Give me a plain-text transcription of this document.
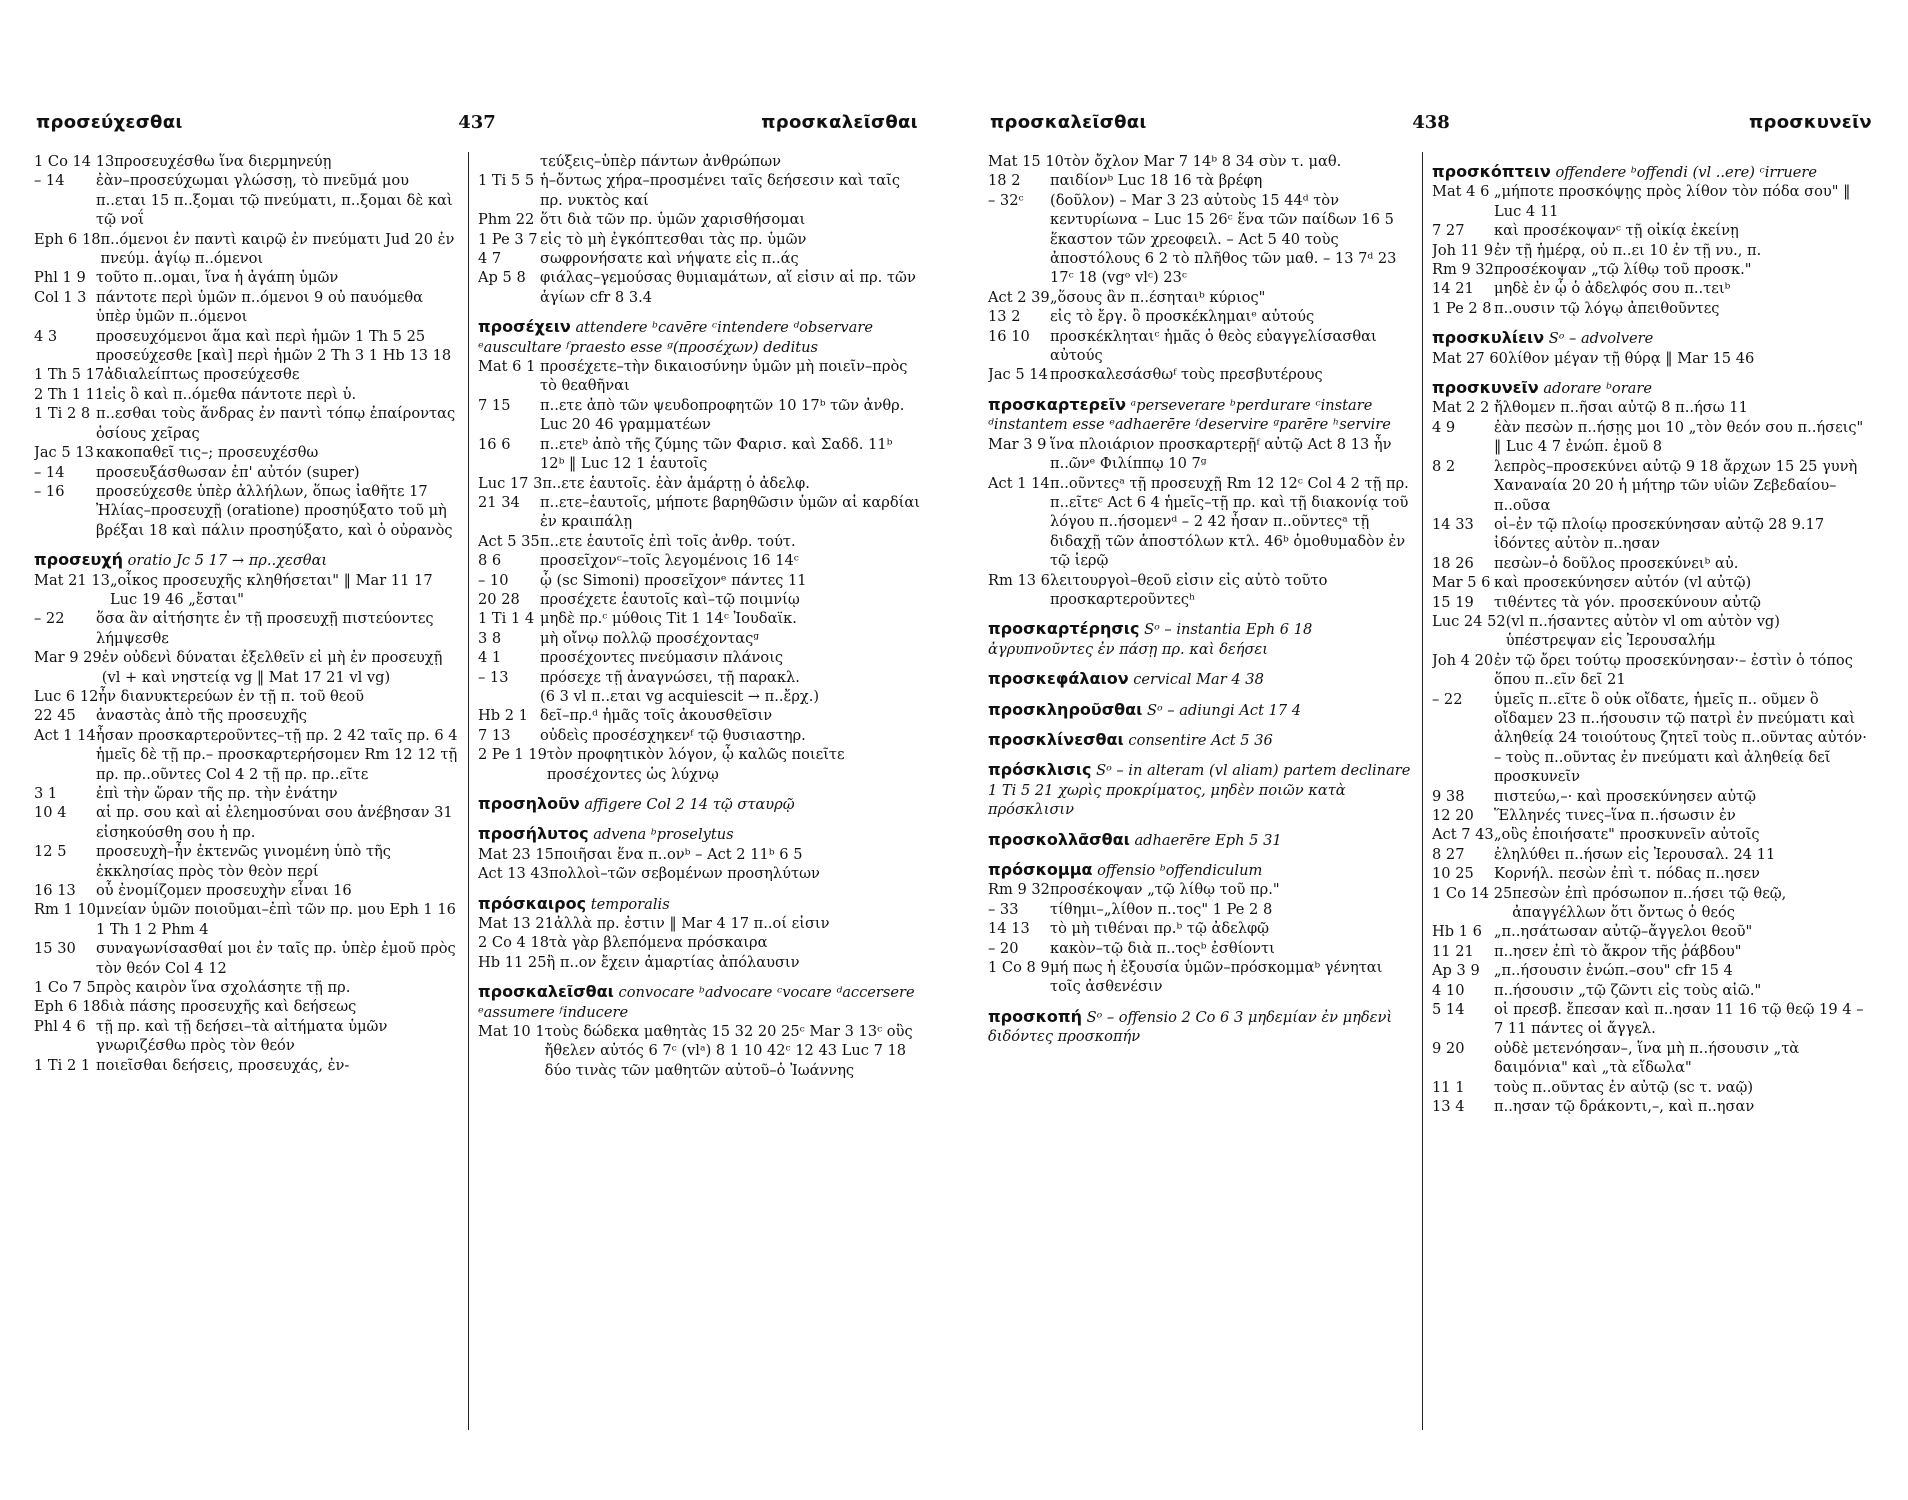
προσεύχεσθαι	437	προσκαλεῖσθαι
1 Co 14 13 προσευχέσθω ἵνα διερμηνεύῃ
– 14	ἐὰν–προσεύχωμαι γλώσσῃ, τὸ πνεῦμά μου π..εται 15 π..ξομαι τῷ πνεύματι, π..ξομαι δὲ καὶ τῷ νοΐ
Eph 6 18 π..όμενοι ἐν παντὶ καιρῷ ἐν πνεύματι Jud 20 ἐν πνεύμ. ἁγίῳ π..όμενοι
Phl 1 9 τοῦτο π..ομαι, ἵνα ἡ ἀγάπη ὑμῶν
Col 1 3 πάντοτε περὶ ὑμῶν π..όμενοι 9 οὐ παυόμεθα ὑπὲρ ὑμῶν π..όμενοι
4 3	προσευχόμενοι ἅμα καὶ περὶ ἡμῶν 1 Th 5 25 προσεύχεσθε [καὶ] περὶ ἡμῶν 2 Th 3 1 Hb 13 18
1 Th 5 17 ἀδιαλείπτως προσεύχεσθε
2 Th 1 11 εἰς ὃ καὶ π..όμεθα πάντοτε περὶ ὑ.
1 Ti 2 8 π..εσθαι τοὺς ἄνδρας ἐν παντὶ τόπῳ ἐπαίροντας ὁσίους χεῖρας
Jac 5 13 κακοπαθεῖ τις–; προσευχέσθω
– 14	προσευξάσθωσαν ἐπ' αὐτόν (super)
– 16	προσεύχεσθε ὑπὲρ ἀλλήλων, ὅπως ἰαθῆτε 17 Ἠλίας–προσευχῇ (oratione) προσηύξατο τοῦ μὴ βρέξαι 18 καὶ πάλιν προσηύξατο, καὶ ὁ οὐρανὸς
προσευχή oratio Jc 5 17 → πρ..χεσθαι
Mat 21 13 „οἶκος προσευχῆς κληθήσεται" ‖ Mar 11 17 Luc 19 46 „ἔσται"
– 22	ὅσα ἂν αἰτήσητε ἐν τῇ προσευχῇ πιστεύοντες λήμψεσθε
Mar 9 29 ἐν οὐδενὶ δύναται ἐξελθεῖν εἰ μὴ ἐν προσευχῇ (vl + καὶ νηστείᾳ vg ‖ Mat 17 21 vl vg)
Luc 6 12 ἦν διανυκτερεύων ἐν τῇ π. τοῦ θεοῦ
22 45	ἀναστὰς ἀπὸ τῆς προσευχῆς
Act 1 14 ἦσαν προσκαρτεροῦντες–τῇ πρ. 2 42 ταῖς πρ. 6 4 ἡμεῖς δὲ τῇ πρ.– προσκαρτερήσομεν Rm 12 12 τῇ πρ. πρ..οῦντες Col 4 2 τῇ πρ. πρ..εῖτε
3 1	ἐπὶ τὴν ὥραν τῆς πρ. τὴν ἐνάτην
10 4	αἱ πρ. σου καὶ αἱ ἐλεημοσύναι σου ἀνέβησαν 31 εἰσηκούσθη σου ἡ πρ.
12 5	προσευχὴ–ἦν ἐκτενῶς γινομένη ὑπὸ τῆς ἐκκλησίας πρὸς τὸν θεὸν περί
16 13	οὗ ἐνομίζομεν προσευχὴν εἶναι 16
Rm 1 10 μνείαν ὑμῶν ποιοῦμαι–ἐπὶ τῶν πρ. μου Eph 1 16 1 Th 1 2 Phm 4
15 30	συναγωνίσασθαί μοι ἐν ταῖς πρ. ὑπὲρ ἐμοῦ πρὸς τὸν θεόν Col 4 12
1 Co 7 5 πρὸς καιρὸν ἵνα σχολάσητε τῇ πρ.
Eph 6 18 διὰ πάσης προσευχῆς καὶ δεήσεως
Phl 4 6 τῇ πρ. καὶ τῇ δεήσει–τὰ αἰτήματα ὑμῶν γνωριζέσθω πρὸς τὸν θεόν
1 Ti 2 1 ποιεῖσθαι δεήσεις, προσευχάς, ἐν-
τεύξεις–ὑπὲρ πάντων ἀνθρώπων
1 Ti 5 5 ἡ–ὄντως χήρα–προσμένει ταῖς δεήσεσιν καὶ ταῖς πρ. νυκτὸς καί
Phm 22 ὅτι διὰ τῶν πρ. ὑμῶν χαρισθήσομαι
1 Pe 3 7 εἰς τὸ μὴ ἐγκόπτεσθαι τὰς πρ. ὑμῶν
4 7	σωφρονήσατε καὶ νήψατε εἰς π..άς
Ap 5 8 φιάλας–γεμούσας θυμιαμάτων, αἵ εἰσιν αἱ πρ. τῶν ἁγίων cfr 8 3.4
προσέχειν attendere ᵇcavēre ᶜintendere ᵈobservare ᵉauscultare ᶠpraesto esse ᵍ(προσέχων) deditus
Mat 6 1 προσέχετε–τὴν δικαιοσύνην ὑμῶν μὴ ποιεῖν–πρὸς τὸ θεαθῆναι
7 15	π..ετε ἀπὸ τῶν ψευδοπροφητῶν 10 17ᵇ τῶν ἀνθρ. Luc 20 46 γραμματέων
16 6	π..ετεᵇ ἀπὸ τῆς ζύμης τῶν Φαρισ. καὶ Σαδδ. 11ᵇ 12ᵇ ‖ Luc 12 1 ἑαυτοῖς
Luc 17 3 π..ετε ἑαυτοῖς. ἐὰν ἁμάρτῃ ὁ ἀδελφ.
21 34	π..ετε–ἑαυτοῖς, μήποτε βαρηθῶσιν ὑμῶν αἱ καρδίαι ἐν κραιπάλῃ
Act 5 35 π..ετε ἑαυτοῖς ἐπὶ τοῖς ἀνθρ. τούτ.
8 6	προσεῖχονᶜ–τοῖς λεγομένοις 16 14ᶜ
– 10	ᾧ (sc Simoni) προσεῖχονᵉ πάντες 11
20 28	προσέχετε ἑαυτοῖς καὶ–τῷ ποιμνίῳ
1 Ti 1 4 μηδὲ πρ.ᶜ μύθοις Tit 1 14ᶜ Ἰουδαϊκ.
3 8	μὴ οἴνῳ πολλῷ προσέχονταςᵍ
4 1	προσέχοντες πνεύμασιν πλάνοις
– 13	πρόσεχε τῇ ἀναγνώσει, τῇ παρακλ.
(6 3 vl π..εται vg acquiescit → π..ἔρχ.)
Hb 2 1 δεῖ–πρ.ᵈ ἡμᾶς τοῖς ἀκουσθεῖσιν
7 13	οὐδεὶς προσέσχηκενᶠ τῷ θυσιαστηρ.
2 Pe 1 19 τὸν προφητικὸν λόγον, ᾧ καλῶς ποιεῖτε προσέχοντες ὡς λύχνῳ
προσηλοῦν affigere Col 2 14 τῷ σταυρῷ
προσήλυτος advena ᵇproselytus
Mat 23 15 ποιῆσαι ἕνα π..ονᵇ – Act 2 11ᵇ 6 5
Act 13 43 πολλοὶ–τῶν σεβομένων προσηλύτων
πρόσκαιρος temporalis
Mat 13 21 ἀλλὰ πρ. ἐστιν ‖ Mar 4 17 π..οί εἰσιν
2 Co 4 18 τὰ γὰρ βλεπόμενα πρόσκαιρα
Hb 11 25 ἢ π..ον ἔχειν ἁμαρτίας ἀπόλαυσιν
προσκαλεῖσθαι convocare ᵇadvocare ᶜvocare ᵈaccersere ᵉassumere ᶠinducere
Mat 10 1 τοὺς δώδεκα μαθητὰς 15 32 20 25ᶜ Mar 3 13ᶜ οὓς ἤθελεν αὐτός 6 7ᶜ (vlᵃ) 8 1 10 42ᶜ 12 43 Luc 7 18 δύο τινὰς τῶν μαθητῶν αὐτοῦ–ὁ Ἰωάννης
προσκαλεῖσθαι	438	προσκυνεῖν
Mat 15 10 τὸν ὄχλον Mar 7 14ᵇ 8 34 σὺν τ. μαθ.
18 2	παιδίονᵇ Luc 18 16 τὰ βρέφη
– 32ᶜ	(δοῦλον) – Mar 3 23 αὐτοὺς 15 44ᵈ τὸν κεντυρίωνα – Luc 15 26ᶜ ἕνα τῶν παίδων 16 5 ἕκαστον τῶν χρεοφειλ. – Act 5 40 τοὺς ἀποστόλους 6 2 τὸ πλῆθος τῶν μαθ. – 13 7ᵈ 23 17ᶜ 18 (vgᵒ vlᶜ) 23ᶜ
Act 2 39 „ὅσους ἂν π..έσηταιᵇ κύριος"
13 2	εἰς τὸ ἔργ. ὃ προσκέκλημαιᵉ αὐτούς
16 10	προσκέκληταιᶜ ἡμᾶς ὁ θεὸς εὐαγγελίσασθαι αὐτούς
Jac 5 14 προσκαλεσάσθωᶠ τοὺς πρεσβυτέρους
προσκαρτερεῖν ᵃperseverare ᵇperdurare ᶜinstare ᵈinstantem esse ᵉadhaerēre ᶠdeservire ᵍparēre ʰservire
Mar 3 9 ἵνα πλοιάριον προσκαρτερῇᶠ αὐτῷ Act 8 13 ἦν π..ῶνᵉ Φιλίππῳ 10 7ᵍ
Act 1 14 π..οῦντεςᵃ τῇ προσευχῇ Rm 12 12ᶜ Col 4 2 τῇ πρ. π..εῖτεᶜ Act 6 4 ἡμεῖς–τῇ πρ. καὶ τῇ διακονίᾳ τοῦ λόγου π..ήσομενᵈ – 2 42 ἦσαν π..οῦντεςᵃ τῇ διδαχῇ τῶν ἀποστόλων κτλ. 46ᵇ ὁμοθυμαδὸν ἐν τῷ ἱερῷ
Rm 13 6 λειτουργοὶ–θεοῦ εἰσιν εἰς αὐτὸ τοῦτο προσκαρτεροῦντεςʰ
προσκαρτέρησις Sᵒ – instantia Eph 6 18 ἀγρυπνοῦντες ἐν πάσῃ πρ. καὶ δεήσει
προσκεφάλαιον cervical Mar 4 38
προσκληροῦσθαι Sᵒ – adiungi Act 17 4
προσκλίνεσθαι consentire Act 5 36
πρόσκλισις Sᵒ – in alteram (vl aliam) partem declinare 1 Ti 5 21 χωρὶς προκρίματος, μηδὲν ποιῶν κατὰ πρόσκλισιν
προσκολλᾶσθαι adhaerēre Eph 5 31
πρόσκομμα offensio ᵇoffendiculum
Rm 9 32 προσέκοψαν „τῷ λίθῳ τοῦ πρ."
– 33	τίθημι–„λίθον π..τος" 1 Pe 2 8
14 13	τὸ μὴ τιθέναι πρ.ᵇ τῷ ἀδελφῷ
– 20	κακὸν–τῷ διὰ π..τοςᵇ ἐσθίοντι
1 Co 8 9 μή πως ἡ ἐξουσία ὑμῶν–πρόσκομμαᵇ γένηται τοῖς ἀσθενέσιν
προσκοπή Sᵒ – offensio 2 Co 6 3 μηδεμίαν ἐν μηδενὶ διδόντες προσκοπήν
προσκόπτειν offendere ᵇoffendi (vl ..ere) ᶜirruere
Mat 4 6 „μήποτε προσκόψῃς πρὸς λίθον τὸν πόδα σου" ‖ Luc 4 11
7 27	καὶ προσέκοψανᶜ τῇ οἰκίᾳ ἐκείνῃ
Joh 11 9 ἐν τῇ ἡμέρᾳ, οὐ π..ει 10 ἐν τῇ νυ., π.
Rm 9 32 προσέκοψαν „τῷ λίθῳ τοῦ προσκ."
14 21	μηδὲ ἐν ᾧ ὁ ἀδελφός σου π..τειᵇ
1 Pe 2 8 π..ουσιν τῷ λόγῳ ἀπειθοῦντες
προσκυλίειν Sᵒ – advolvere
Mat 27 60 λίθον μέγαν τῇ θύρᾳ ‖ Mar 15 46
προσκυνεῖν adorare ᵇorare
Mat 2 2 ἤλθομεν π..ῆσαι αὐτῷ 8 π..ήσω 11
4 9	ἐὰν πεσὼν π..ήσῃς μοι 10 „τὸν θεόν σου π..ήσεις" ‖ Luc 4 7 ἐνώπ. ἐμοῦ 8
8 2	λεπρὸς–προσεκύνει αὐτῷ 9 18 ἄρχων 15 25 γυνὴ Χαναναία 20 20 ἡ μήτηρ τῶν υἱῶν Ζεβεδαίου–π..οῦσα
14 33	οἱ–ἐν τῷ πλοίῳ προσεκύνησαν αὐτῷ 28 9.17 ἰδόντες αὐτὸν π..ησαν
18 26	πεσὼν–ὁ δοῦλος προσεκύνειᵇ αὐ.
Mar 5 6 καὶ προσεκύνησεν αὐτόν (vl αὐτῷ)
15 19	τιθέντες τὰ γόν. προσεκύνουν αὐτῷ
Luc 24 52 (vl π..ήσαντες αὐτὸν vl om αὐτὸν vg) ὑπέστρεψαν εἰς Ἰερουσαλήμ
Joh 4 20 ἐν τῷ ὄρει τούτῳ προσεκύνησαν·– ἐστὶν ὁ τόπος ὅπου π..εῖν δεῖ 21
– 22	ὑμεῖς π..εῖτε ὃ οὐκ οἴδατε, ἡμεῖς π.. οῦμεν ὃ οἴδαμεν 23 π..ήσουσιν τῷ πατρὶ ἐν πνεύματι καὶ ἀληθείᾳ 24 τοιούτους ζητεῖ τοὺς π..οῦντας αὐτόν· – τοὺς π..οῦντας ἐν πνεύματι καὶ ἀληθείᾳ δεῖ προσκυνεῖν
9 38	πιστεύω,–· καὶ προσεκύνησεν αὐτῷ
12 20	Ἕλληνές τινες–ἵνα π..ήσωσιν ἐν
Act 7 43 „οὓς ἐποιήσατε" προσκυνεῖν αὐτοῖς
8 27	ἐληλύθει π..ήσων εἰς Ἰερουσαλ. 24 11
10 25	Κορνήλ. πεσὼν ἐπὶ τ. πόδας π..ησεν
1 Co 14 25 πεσὼν ἐπὶ πρόσωπον π..ήσει τῷ θεῷ, ἀπαγγέλλων ὅτι ὄντως ὁ θεός
Hb 1 6 „π..ησάτωσαν αὐτῷ–ἄγγελοι θεοῦ"
11 21	π..ησεν ἐπὶ τὸ ἄκρον τῆς ῥάβδου"
Ap 3 9 „π..ήσουσιν ἐνώπ.–σου" cfr 15 4
4 10	π..ήσουσιν „τῷ ζῶντι εἰς τοὺς αἰῶ."
5 14	οἱ πρεσβ. ἔπεσαν καὶ π..ησαν 11 16 τῷ θεῷ 19 4 – 7 11 πάντες οἱ ἄγγελ.
9 20	οὐδὲ μετενόησαν–, ἵνα μὴ π..ήσουσιν „τὰ δαιμόνια" καὶ „τὰ εἴδωλα"
11 1	τοὺς π..οῦντας ἐν αὐτῷ (sc τ. ναῷ)
13 4	π..ησαν τῷ δράκοντι,–, καὶ π..ησαν
